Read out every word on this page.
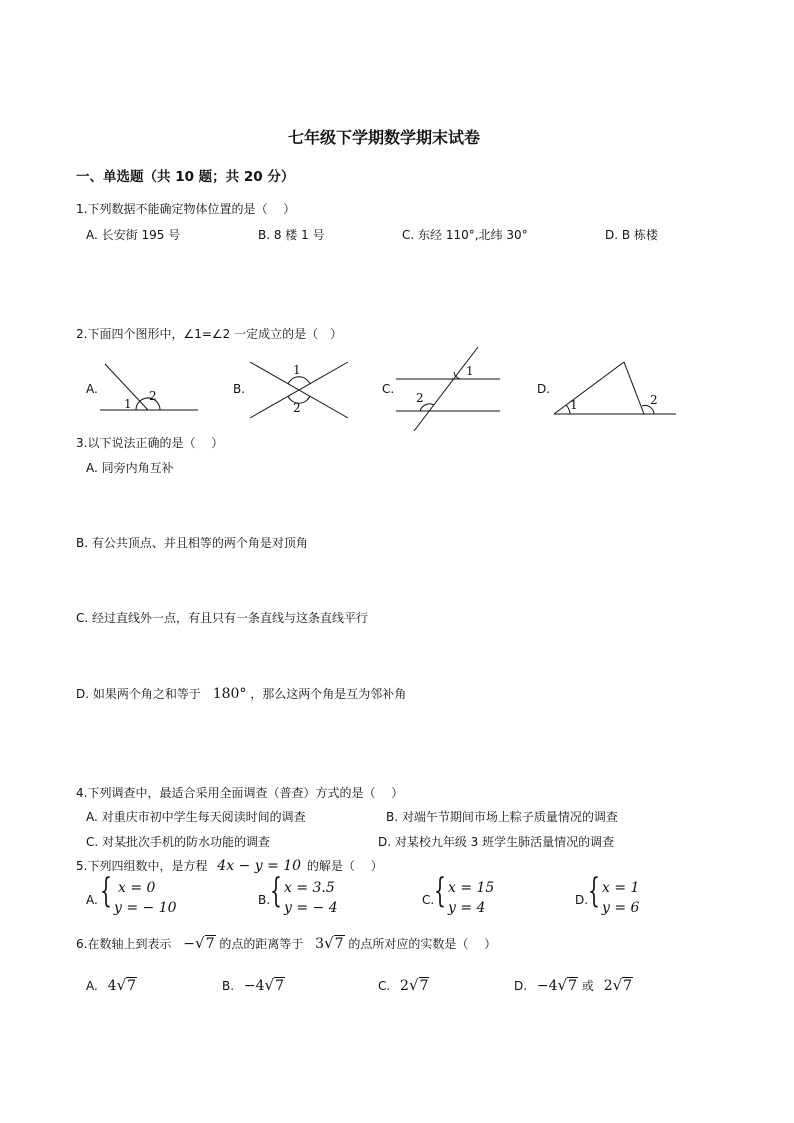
七年级下学期数学期末试卷
一、单选题（共 10 题；共 20 分）
1.下列数据不能确定物体位置的是（　 ）
A. 长安街 195 号	B. 8 楼 1 号	C. 东经 110°,北纬 30°	D. B 栋楼
2.下面四个图形中，∠1=∠2 一定成立的是（　）
A.
1
2	B.
1
2
C.
1
2
D.
1	2
3.以下说法正确的是（　 ）
A. 同旁内角互补
B. 有公共顶点、并且相等的两个角是对顶角
C. 经过直线外一点，有且只有一条直线与这条直线平行
D. 如果两个角之和等于 180° ，那么这两个角是互为邻补角
4.下列调查中，最适合采用全面调查（普查）方式的是（　 ）
A. 对重庆市初中学生每天阅读时间的调查	B. 对端午节期间市场上粽子质量情况的调查
C. 对某批次手机的防水功能的调查	D. 对某校九年级 3 班学生肺活量情况的调查
5.下列四组数中，是方程 4x − y = 10 的解是（　 ）
A. { x = 0
y = − 10	B. { x = 3.5
y = − 4	C. { x = 15
y = 4	D. { x = 1
y = 6
6.在数轴上到表示 −√7 的点的距离等于 3√7 的点所对应的实数是（　 ）
A. 4√7	B. −4√7	C. 2√7	D. −4√7 或 2√7
